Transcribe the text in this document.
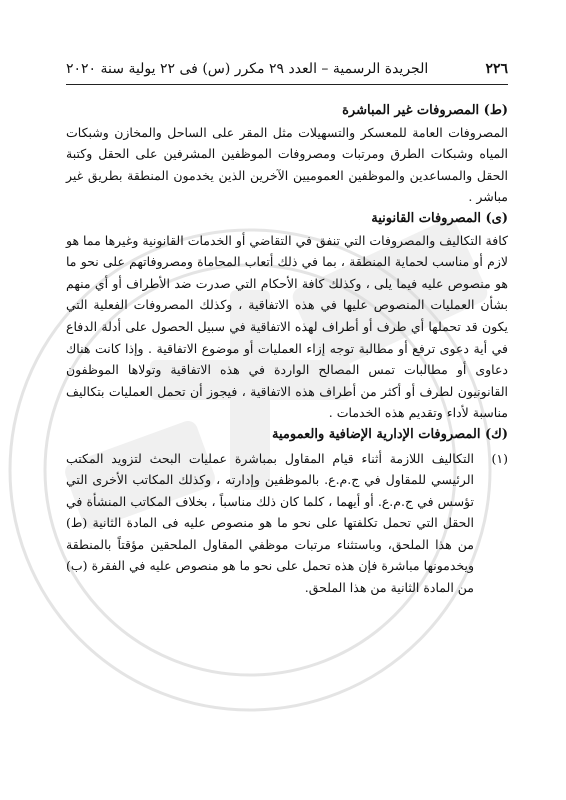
٢٢٦
الجريدة الرسمية – العدد ٢٩ مكرر (س) فى ٢٢ يولية سنة ٢٠٢٠

(ط) المصروفات غير المباشرة

المصروفات العامة للمعسكر والتسهيلات مثل المقر على الساحل والمخازن وشبكات المياه وشبكات الطرق ومرتبات ومصروفات الموظفين المشرفين على الحقل وكتبة الحقل والمساعدين والموظفين العموميين الآخرين الذين يخدمون المنطقة بطريق غير مباشر .

(ى) المصروفات القانونية

كافة التكاليف والمصروفات التي تنفق في التقاضي أو الخدمات القانونية وغيرها مما هو لازم أو مناسب لحماية المنطقة ، بما في ذلك أتعاب المحاماة ومصروفاتهم على نحو ما هو منصوص عليه فيما يلى ، وكذلك كافة الأحكام التي صدرت ضد الأطراف أو أي منهم بشأن العمليات المنصوص عليها في هذه الاتفاقية ، وكذلك المصروفات الفعلية التي يكون قد تحملها أي طرف أو أطراف لهذه الاتفاقية في سبيل الحصول على أدلة الدفاع في أية دعوى ترفع أو مطالبة توجه إزاء العمليات أو موضوع الاتفاقية . وإذا كانت هناك دعاوى أو مطالبات تمس المصالح الواردة في هذه الاتفاقية وتولاها الموظفون القانونيون لطرف أو أكثر من أطراف هذه الاتفاقية ، فيجوز أن تحمل العمليات بتكاليف مناسبة لأداء وتقديم هذه الخدمات .

(ك) المصروفات الإدارية الإضافية والعمومية

(١)
التكاليف اللازمة أثناء قيام المقاول بمباشرة عمليات البحث لتزويد المكتب الرئيسي للمقاول في ج.م.ع. بالموظفين وإدارته ، وكذلك المكاتب الأخرى التي تؤسس في ج.م.ع. أو أيهما ، كلما كان ذلك مناسباً ، بخلاف المكاتب المنشأة في الحقل التي تحمل تكلفتها على نحو ما هو منصوص عليه فى المادة الثانية (ط) من هذا الملحق، وباستثناء مرتبات موظفي المقاول الملحقين مؤقتاً بالمنطقة ويخدمونها مباشرة فإن هذه تحمل على نحو ما هو منصوص عليه في الفقرة (ب) من المادة الثانية من هذا الملحق.
